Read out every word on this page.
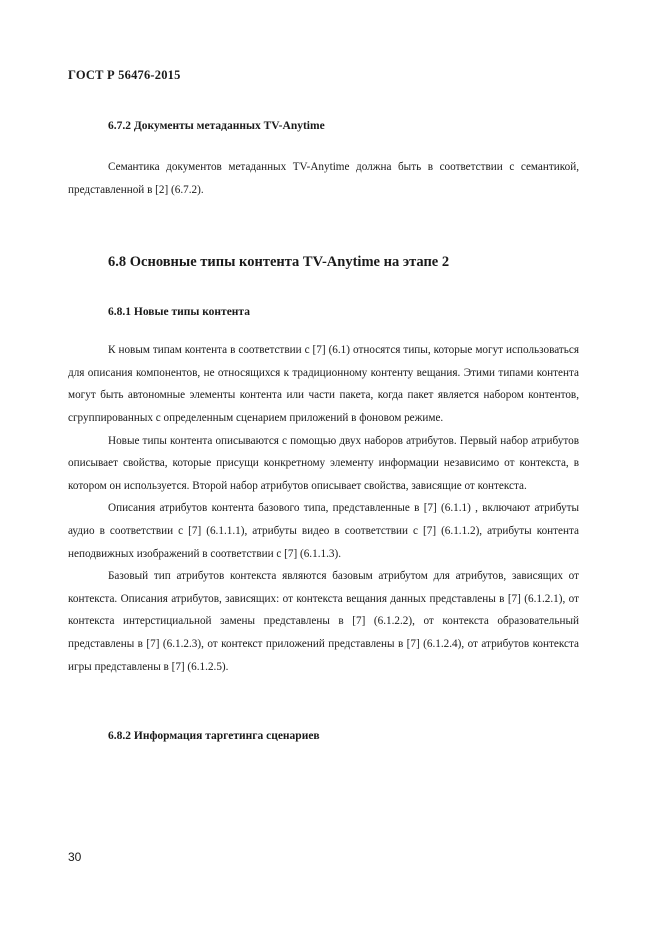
ГОСТ Р 56476-2015
6.7.2 Документы метаданных TV-Anytime

Семантика документов метаданных TV-Anytime должна быть в соответствии с семантикой, представленной в [2] (6.7.2).

6.8 Основные типы контента TV-Anytime на этапе 2
6.8.1 Новые типы контента

К новым типам контента в соответствии с [7] (6.1) относятся типы, которые могут использоваться для описания компонентов, не относящихся к традиционному контенту вещания. Этими типами контента могут быть автономные элементы контента или части пакета, когда пакет является набором контентов, сгруппированных с определенным сценарием приложений в фоновом режиме.

Новые типы контента описываются с помощью двух наборов атрибутов. Первый набор атрибутов описывает свойства, которые присущи конкретному элементу информации независимо от контекста, в котором он используется. Второй набор атрибутов описывает свойства, зависящие от контекста.

Описания атрибутов контента базового типа, представленные в [7] (6.1.1) , включают атрибуты аудио в соответствии с [7] (6.1.1.1), атрибуты видео в соответствии с [7] (6.1.1.2), атрибуты контента неподвижных изображений в соответствии с [7] (6.1.1.3).

Базовый тип атрибутов контекста являются базовым атрибутом для атрибутов, зависящих от контекста. Описания атрибутов, зависящих: от контекста вещания данных представлены в [7] (6.1.2.1), от контекста интерстициальной замены представлены в [7] (6.1.2.2), от контекста образовательный представлены в [7] (6.1.2.3), от контекст приложений представлены в [7] (6.1.2.4), от атрибутов контекста игры представлены в [7] (6.1.2.5).

6.8.2 Информация таргетинга сценариев
30
